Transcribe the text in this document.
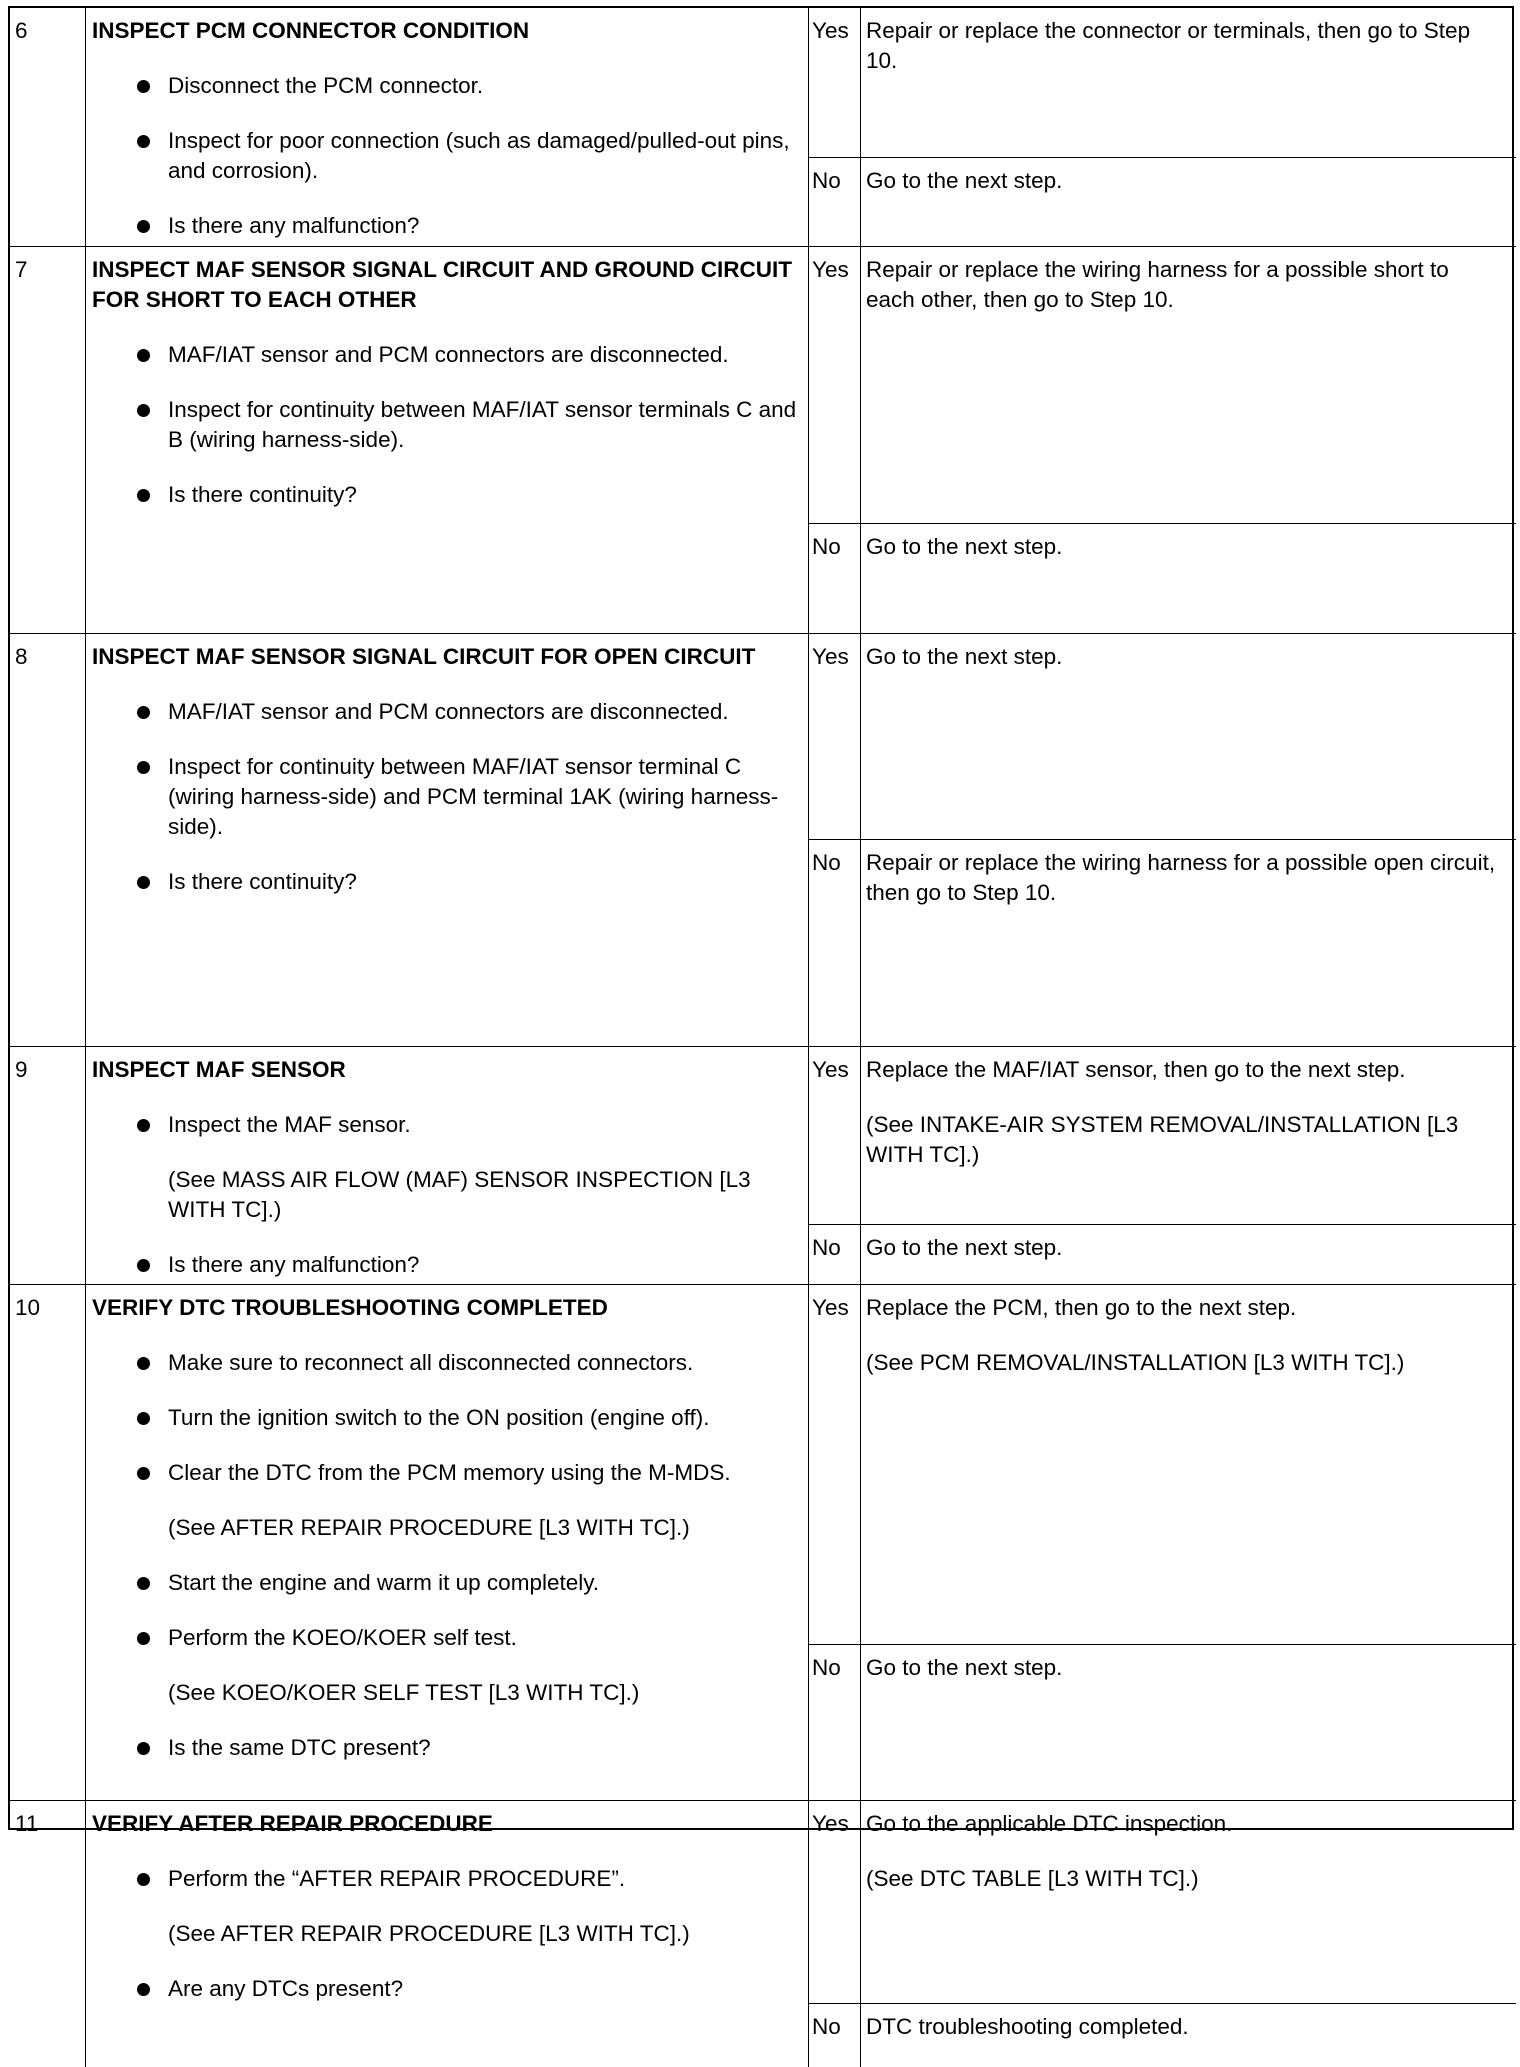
6	INSPECT PCM CONNECTOR CONDITION
Disconnect the PCM connector.
Inspect for poor connection (such as damaged/pulled-out pins, and corrosion).
Is there any malfunction?
Yes Repair or replace the connector or terminals, then go to Step 10.
No	Go to the next step.
7	INSPECT MAF SENSOR SIGNAL CIRCUIT AND GROUND CIRCUIT FOR SHORT TO EACH OTHER
MAF/IAT sensor and PCM connectors are disconnected.
Inspect for continuity between MAF/IAT sensor terminals C and B (wiring harness-side).
Is there continuity?
Yes Repair or replace the wiring harness for a possible short to each other, then go to Step 10.
No	Go to the next step.
8	INSPECT MAF SENSOR SIGNAL CIRCUIT FOR OPEN CIRCUIT
MAF/IAT sensor and PCM connectors are disconnected.
Inspect for continuity between MAF/IAT sensor terminal C (wiring harness-side) and PCM terminal 1AK (wiring harness-side).
Is there continuity?
Yes Go to the next step.
No	Repair or replace the wiring harness for a possible open circuit, then go to Step 10.
9	INSPECT MAF SENSOR
Inspect the MAF sensor.
(See MASS AIR FLOW (MAF) SENSOR INSPECTION [L3 WITH TC].)
Is there any malfunction?
Yes Replace the MAF/IAT sensor, then go to the next step.
(See INTAKE-AIR SYSTEM REMOVAL/INSTALLATION [L3 WITH TC].)
No	Go to the next step.
10	VERIFY DTC TROUBLESHOOTING COMPLETED
Make sure to reconnect all disconnected connectors.
Turn the ignition switch to the ON position (engine off).
Clear the DTC from the PCM memory using the M-MDS.
(See AFTER REPAIR PROCEDURE [L3 WITH TC].)
Start the engine and warm it up completely.
Perform the KOEO/KOER self test.
(See KOEO/KOER SELF TEST [L3 WITH TC].)
Is the same DTC present?
Yes Replace the PCM, then go to the next step.
(See PCM REMOVAL/INSTALLATION [L3 WITH TC].)
No	Go to the next step.
11	VERIFY AFTER REPAIR PROCEDURE
Perform the “AFTER REPAIR PROCEDURE”.
(See AFTER REPAIR PROCEDURE [L3 WITH TC].)
Are any DTCs present?
Yes Go to the applicable DTC inspection.
(See DTC TABLE [L3 WITH TC].)
No	DTC troubleshooting completed.
